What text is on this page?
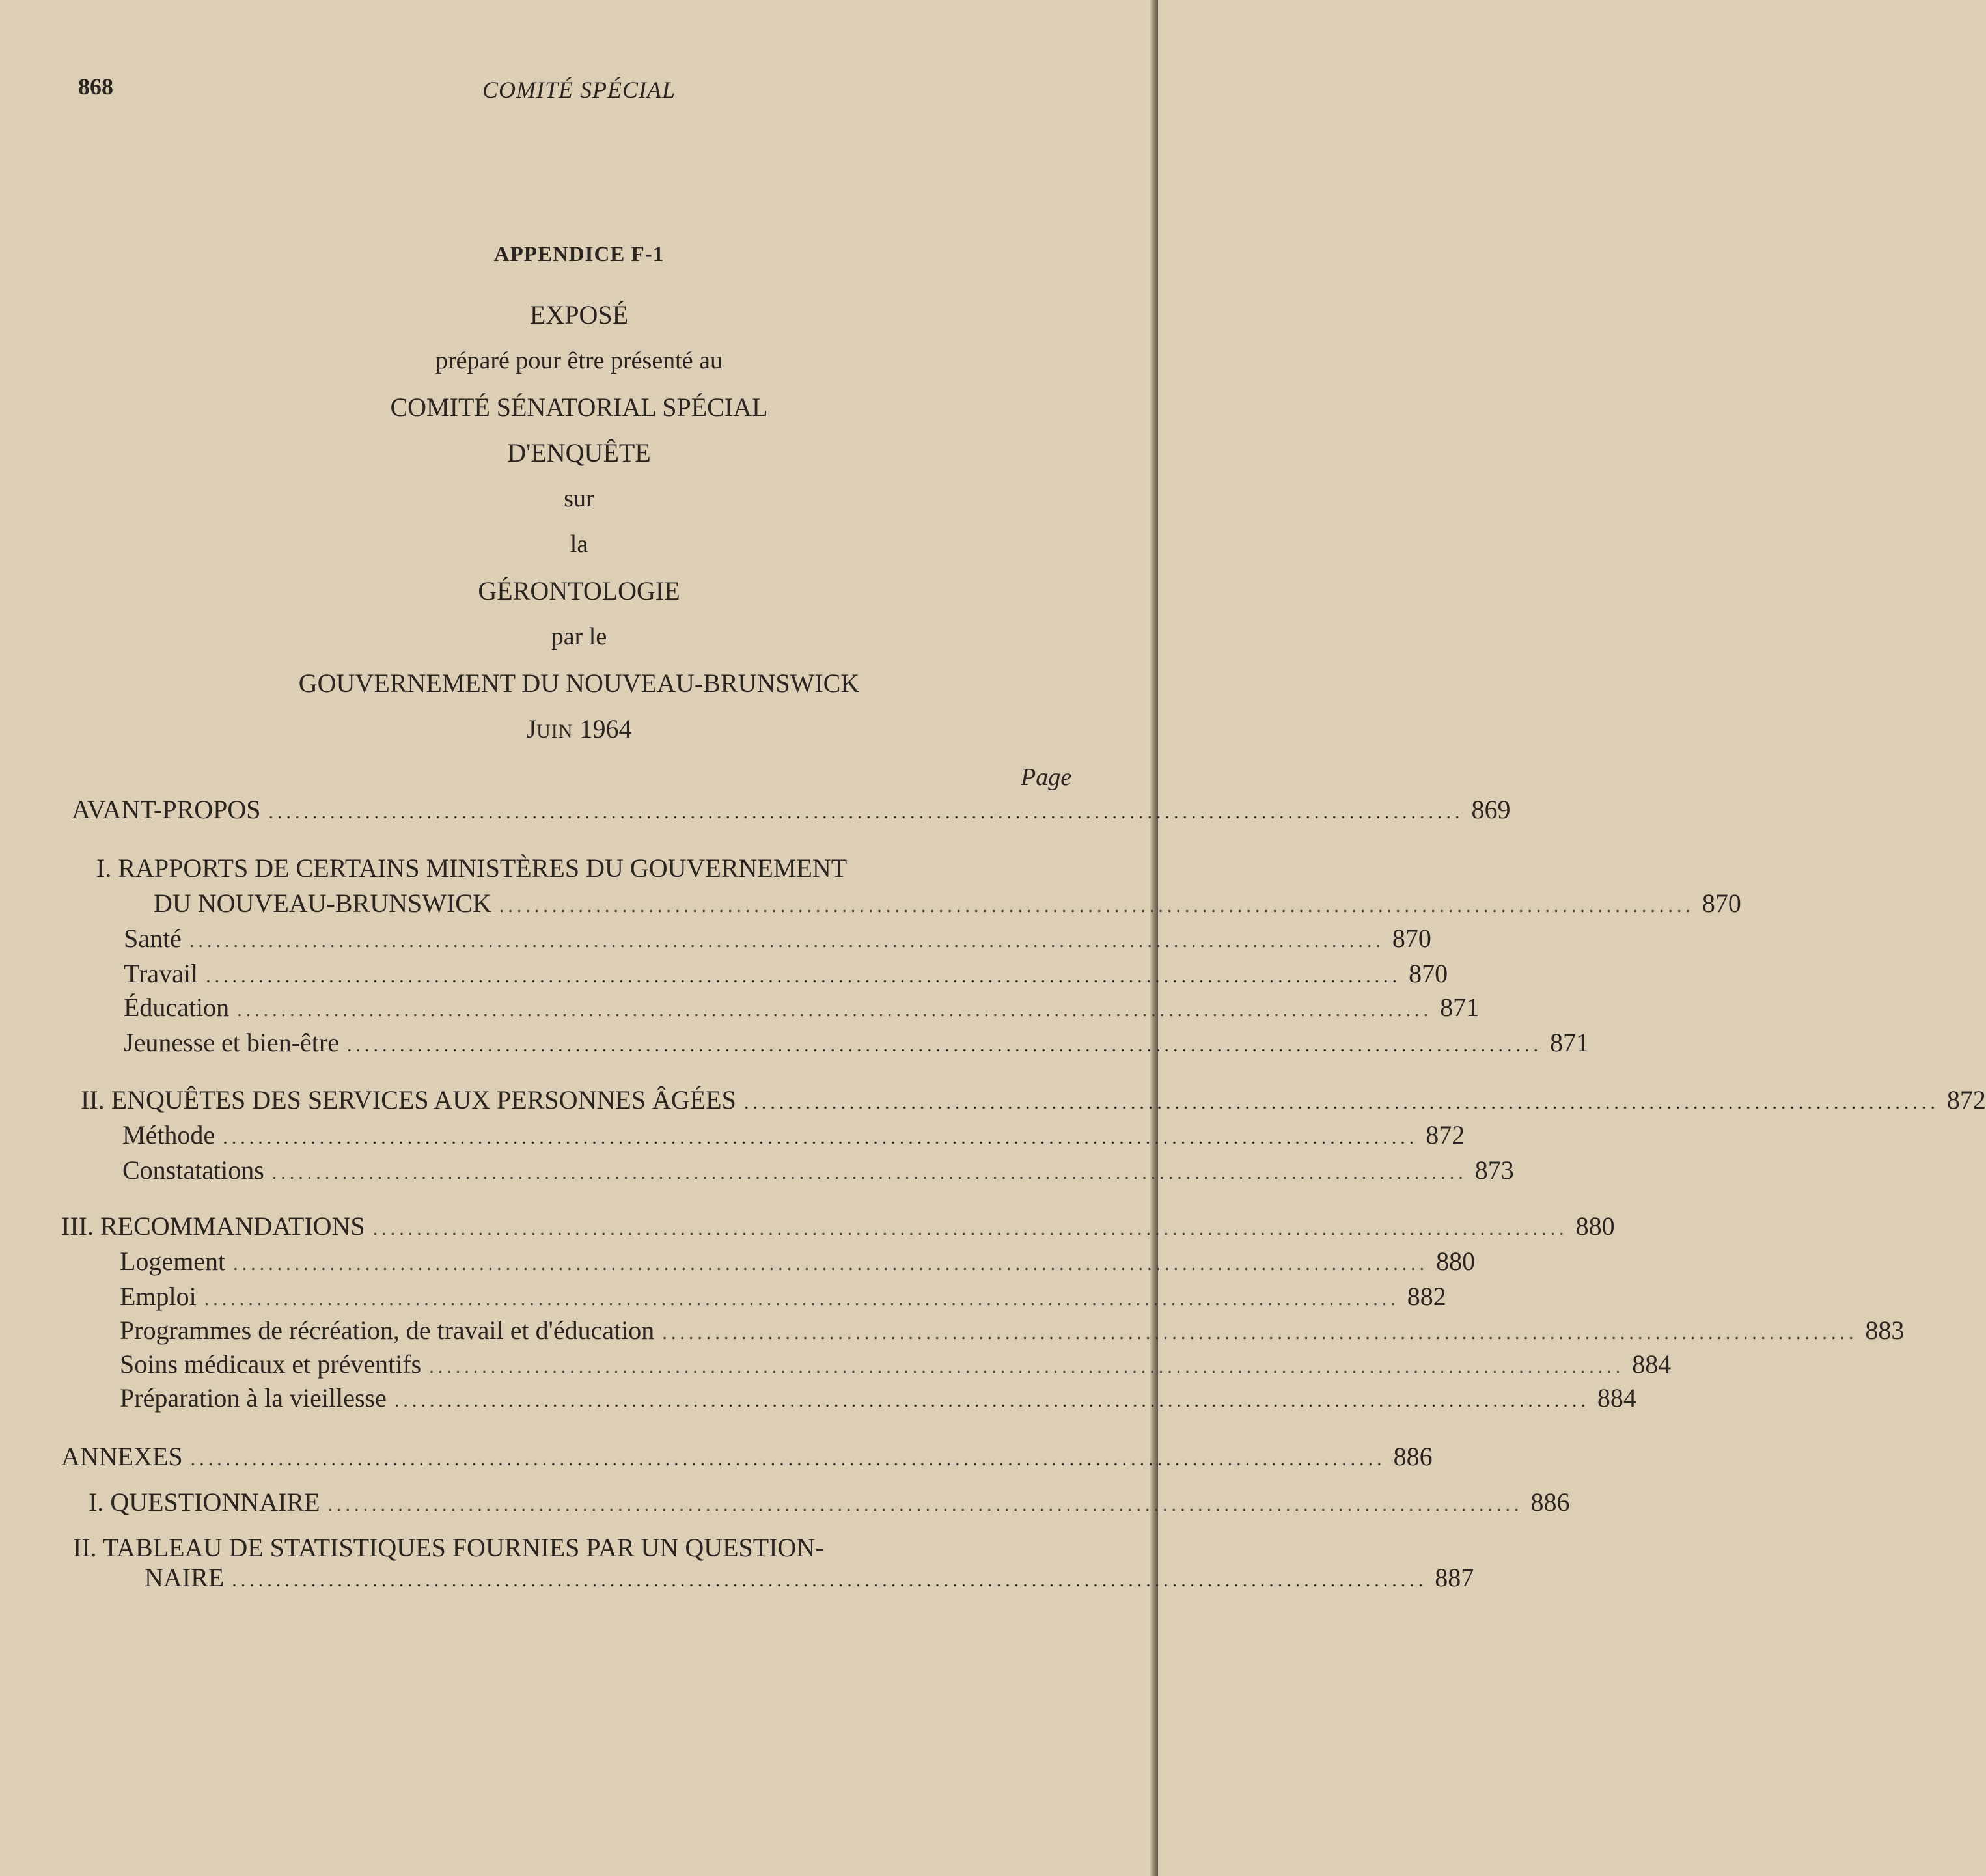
868	COMITÉ SPÉCIAL
APPENDICE F-1
EXPOSÉ
préparé pour être présenté au
COMITÉ SÉNATORIAL SPÉCIAL
D'ENQUÊTE
sur
la
GÉRONTOLOGIE
par le
GOUVERNEMENT DU NOUVEAU-BRUNSWICK
JUIN 1964
Page
AVANT-PROPOS ........................................................................................................................................ 869
I. RAPPORTS DE CERTAINS MINISTÈRES DU GOUVERNEMENT
DU NOUVEAU-BRUNSWICK ........................................................................................................................................ 870
Santé ........................................................................................................................................ 870
Travail ........................................................................................................................................ 870
Éducation ........................................................................................................................................ 871
Jeunesse et bien-être ........................................................................................................................................ 871
II. ENQUÊTES DES SERVICES AUX PERSONNES ÂGÉES ........................................................................................................................................ 872
Méthode ........................................................................................................................................ 872
Constatations ........................................................................................................................................ 873
III. RECOMMANDATIONS ........................................................................................................................................ 880
Logement ........................................................................................................................................ 880
Emploi ........................................................................................................................................ 882
Programmes de récréation, de travail et d'éducation ........................................................................................................................................ 883
Soins médicaux et préventifs ........................................................................................................................................ 884
Préparation à la vieillesse ........................................................................................................................................ 884
ANNEXES ........................................................................................................................................ 886
I. QUESTIONNAIRE ........................................................................................................................................ 886
II. TABLEAU DE STATISTIQUES FOURNIES PAR UN QUESTION-
NAIRE ........................................................................................................................................ 887
